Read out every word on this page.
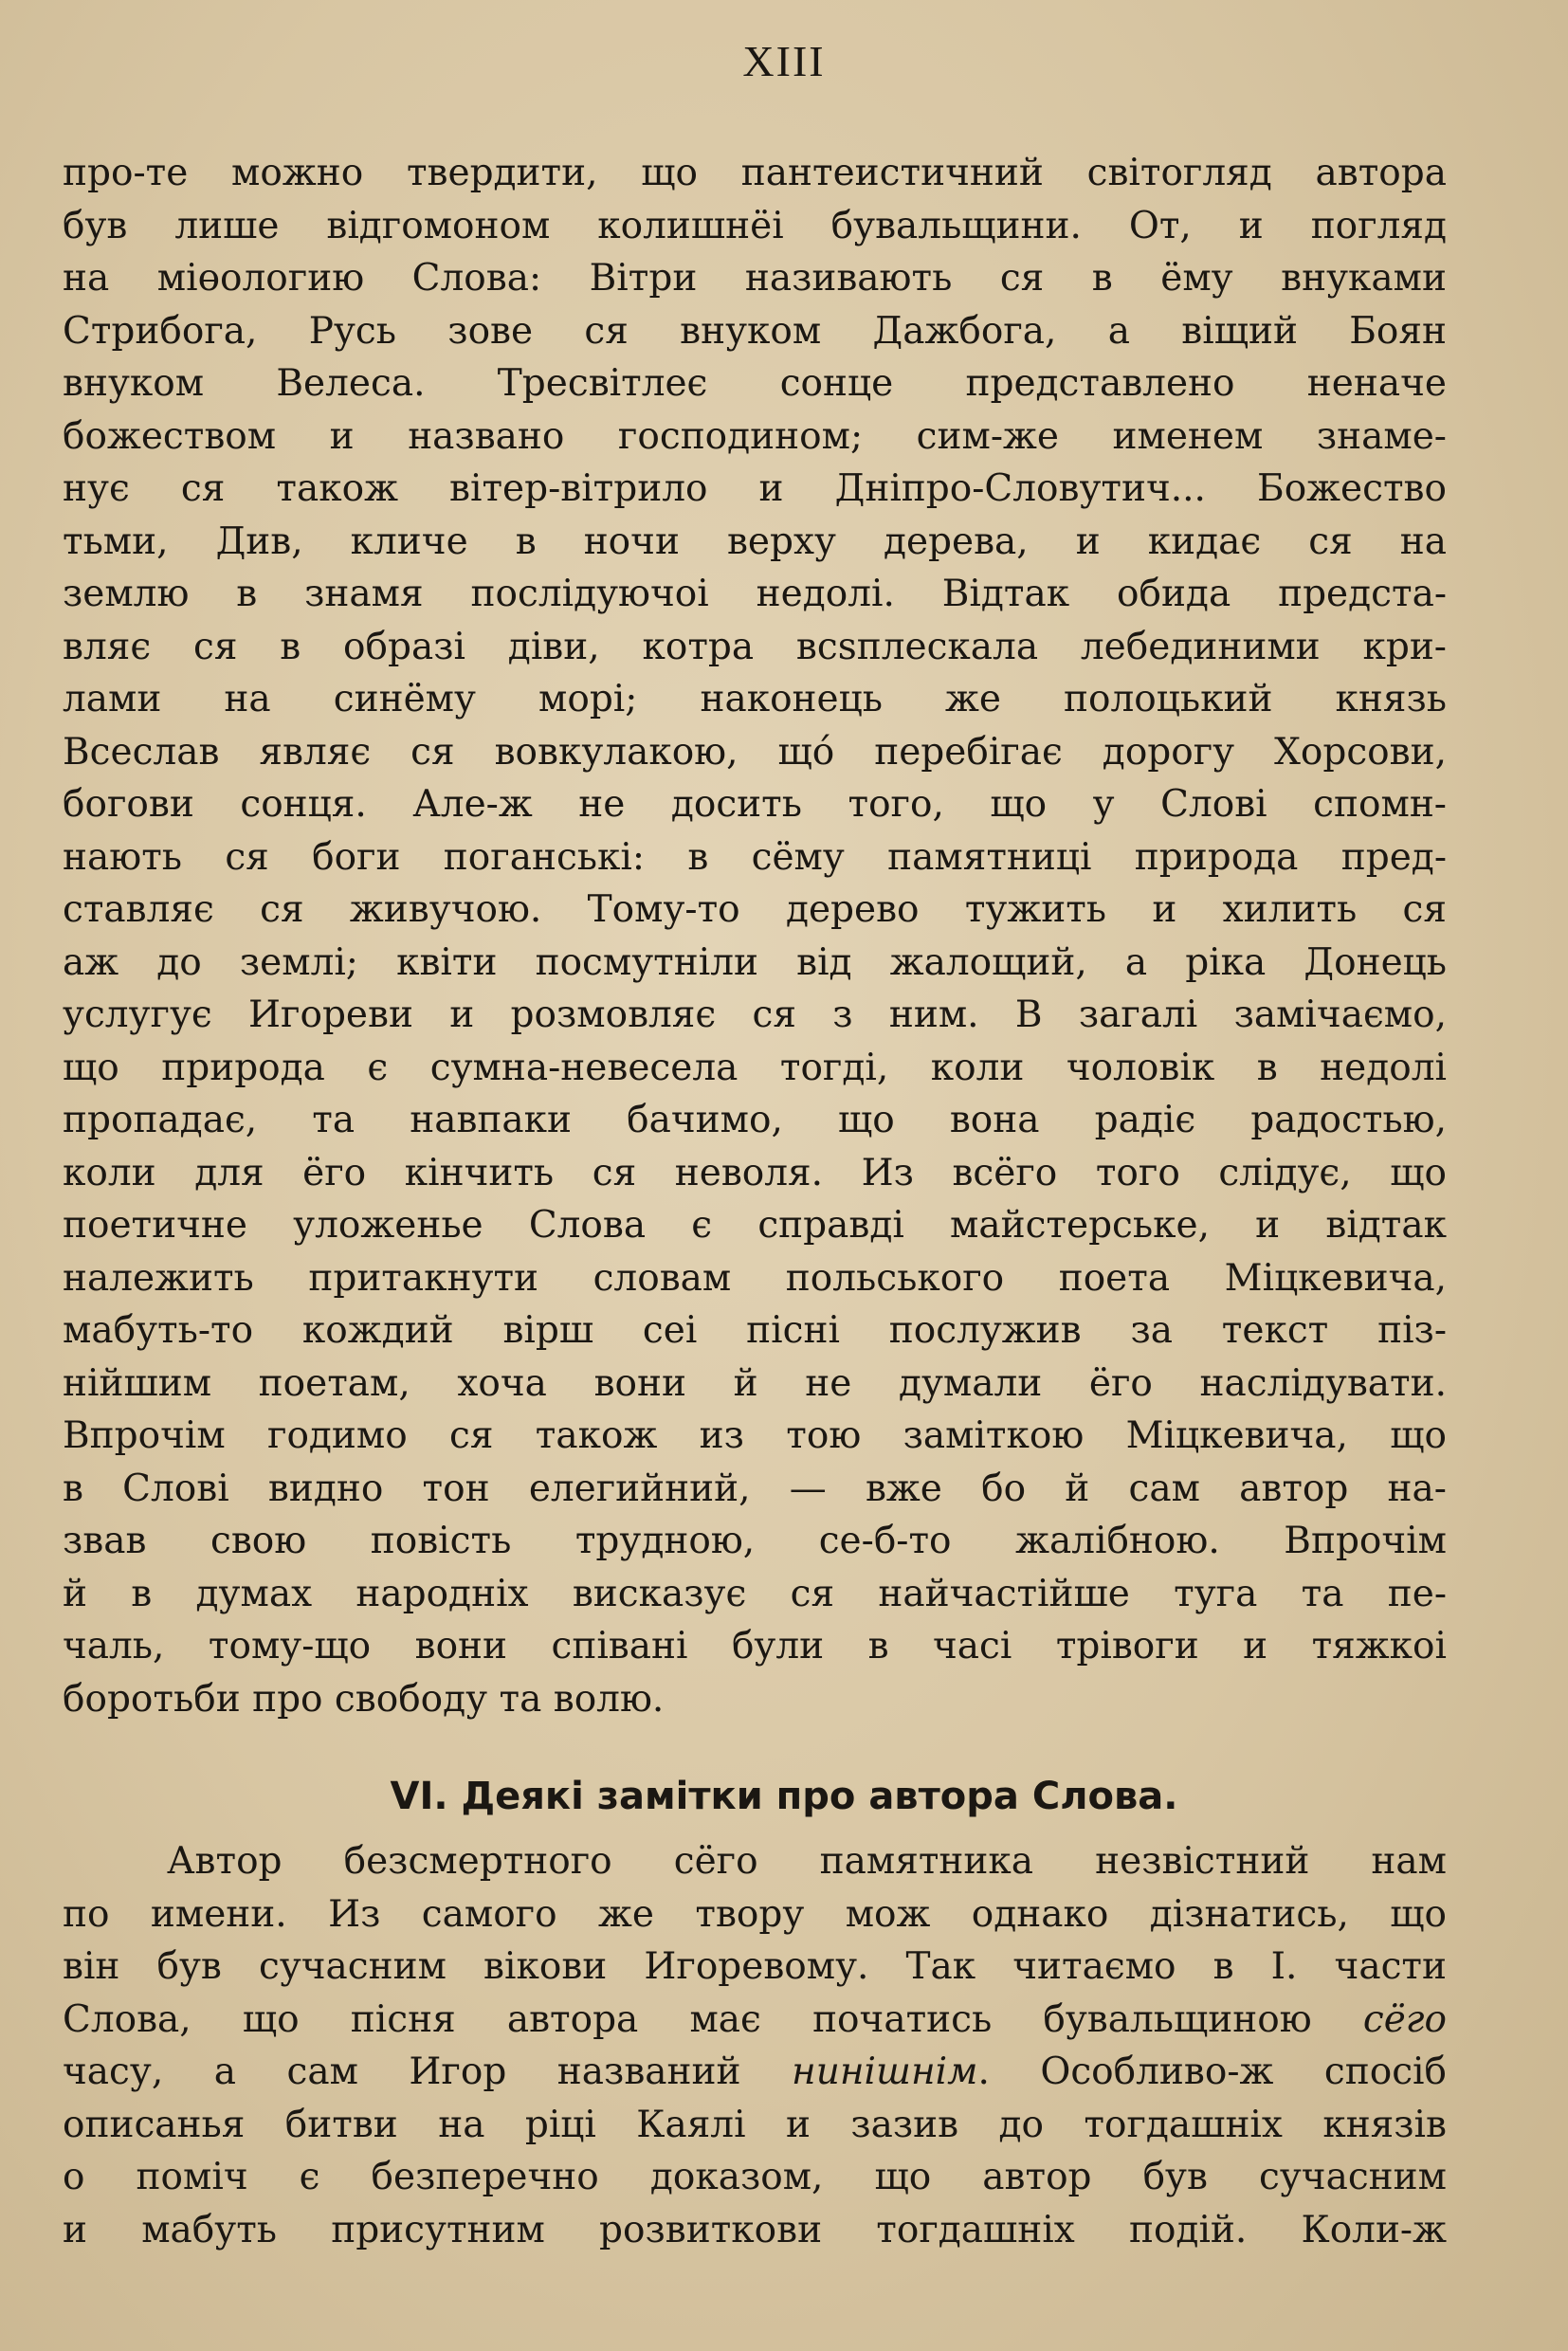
XIII
про-те можно твердити, що пантеистичний світогляд автора
був лише відгомоном колишнёі бувальщини. От, и погляд
на міөологию Слова: Вітри називають ся в ёму внуками
Стрибога, Русь зове ся внуком Дажбога, а віщий Боян
внуком Велеса. Тресвітлеє сонце представлено неначе
божеством и названо господином; сим-же именем знаме-
нує ся також вітер-вітрило и Дніпро-Словутич... Божество
тьми, Див, кличе в ночи верху дерева, и кидає ся на
землю в знамя послідуючоі недолі. Відтак обида предста-
вляє ся в образі діви, котра вcsплескала лебединими кри-
лами на синёму морі; наконець же полоцький князь
Всеслав являє ся вовкулакою, щó перебігає дорогу Хорсови,
богови сонця. Але-ж не досить того, що у Слові спомн-
нають ся боги поганські: в сёму памятниці природа пред-
ставляє ся живучою. Тому-то дерево тужить и хилить ся
аж до землі; квіти посмутніли від жалощий, а ріка Донець
услугує Игореви и розмовляє ся з ним. В загалі замічаємо,
що природа є сумна-невесела тогді, коли чоловік в недолі
пропадає, та навпаки бачимо, що вона радіє радостью,
коли для ёго кінчить ся неволя. Из всёго того слідує, що
поетичне уложенье Слова є справді майстерське, и відтак
належить притакнути словам польського поета Міцкевича,
мабуть-то кождий вірш сеі пісні послужив за текст піз-
нійшим поетам, хоча вони й не думали ёго наслідувати.
Впрочім годимо ся також из тою заміткою Міцкевича, що
в Слові видно тон елегийний, — вже бо й сам автор на-
звав свою повість трудною, се-б-то жалібною. Впрочім
й в думах народніх висказує ся найчастійше туга та пе-
чаль, тому-що вони співані були в часі трівоги и тяжкоі
боротьби про свободу та волю.
VI. Деякі замітки про автора Слова.
Автор безсмертного сёго памятника незвістний нам
по имени. Из самого же твору мож однако дізнатись, що
він був сучасним вікови Игоревому. Так читаємо в І. части
Слова, що пісня автора має початись бувальщиною сёго
часу, а сам Игор названий нинішнім. Особливо-ж спосіб
описанья битви на ріці Каялі и зазив до тогдашніх князів
о поміч є безперечно доказом, що автор був сучасним
и мабуть присутним розвиткови тогдашніх подій. Коли-ж
